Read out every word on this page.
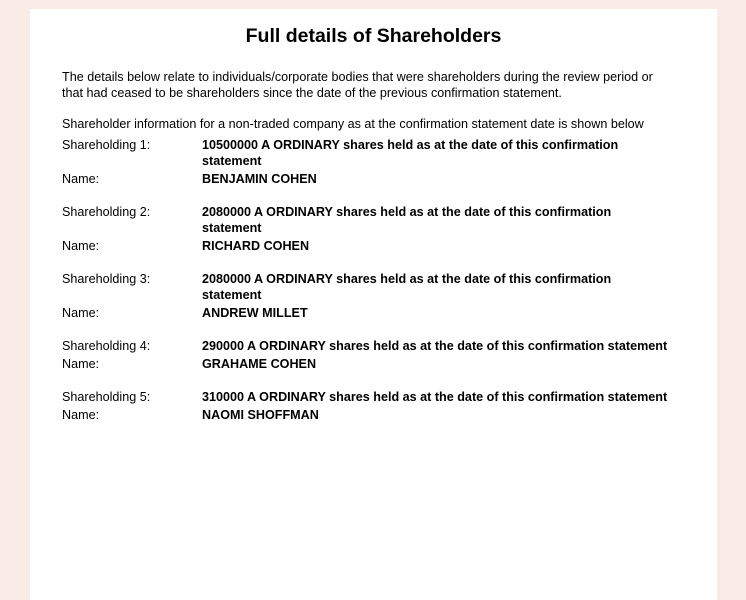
Full details of Shareholders

The details below relate to individuals/corporate bodies that were shareholders during the review period or that had ceased to be shareholders since the date of the previous confirmation statement.

Shareholder information for a non-traded company as at the confirmation statement date is shown below

Shareholding 1:	10500000 A ORDINARY shares held as at the date of this confirmation statement
Name:	BENJAMIN COHEN
Shareholding 2:	2080000 A ORDINARY shares held as at the date of this confirmation statement
Name:	RICHARD COHEN
Shareholding 3:	2080000 A ORDINARY shares held as at the date of this confirmation statement
Name:	ANDREW MILLET
Shareholding 4:	290000 A ORDINARY shares held as at the date of this confirmation statement
Name:	GRAHAME COHEN
Shareholding 5:	310000 A ORDINARY shares held as at the date of this confirmation statement
Name:	NAOMI SHOFFMAN
